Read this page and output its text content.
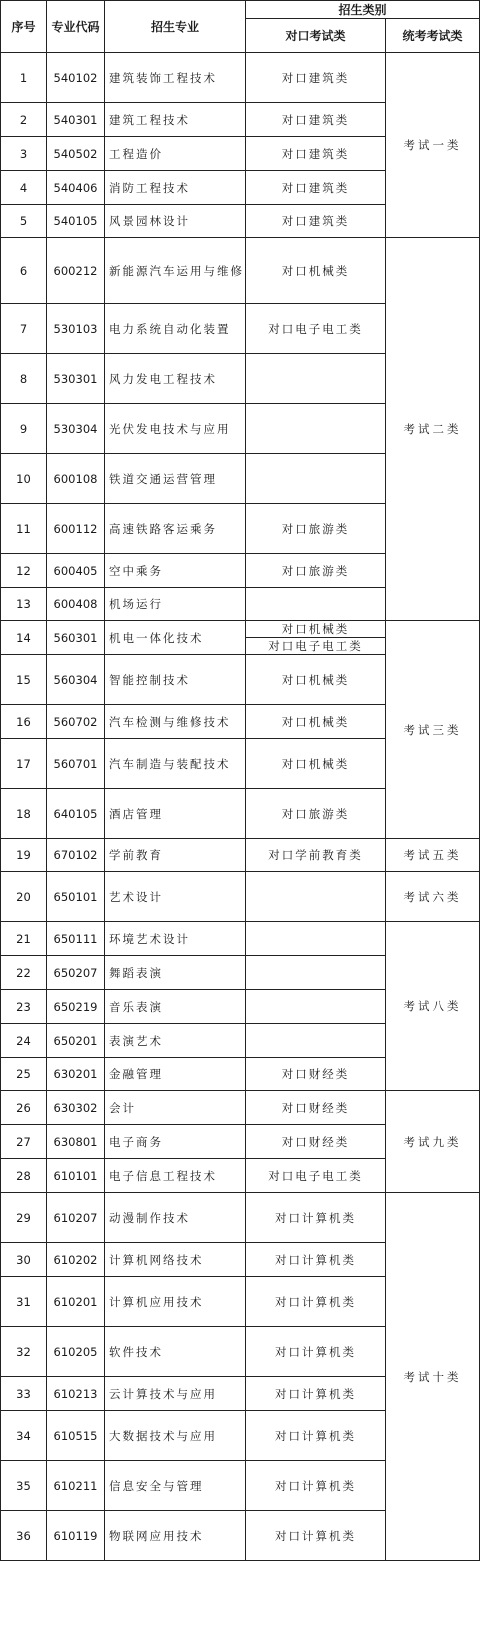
序号	专业代码	招生专业	招生类别	
			对口考试类	统考考试类
1	540102	建筑装饰工程技术	对口建筑类	考试一类
2	540301	建筑工程技术	对口建筑类	
3	540502	工程造价	对口建筑类	
4	540406	消防工程技术	对口建筑类	
5	540105	风景园林设计	对口建筑类	
6	600212	新能源汽车运用与维修	对口机械类	考试二类
7	530103	电力系统自动化装置	对口电子电工类	
8	530301	风力发电工程技术		
9	530304	光伏发电技术与应用		
10	600108	铁道交通运营管理		
11	600112	高速铁路客运乘务	对口旅游类	
12	600405	空中乘务	对口旅游类	
13	600408	机场运行		
14	560301	机电一体化技术	对口机械类	考试三类
			对口电子电工类	
15	560304	智能控制技术	对口机械类	
16	560702	汽车检测与维修技术	对口机械类	
17	560701	汽车制造与装配技术	对口机械类	
18	640105	酒店管理	对口旅游类	
19	670102	学前教育	对口学前教育类	考试五类
20	650101	艺术设计		考试六类
21	650111	环境艺术设计		考试八类
22	650207	舞蹈表演		
23	650219	音乐表演		
24	650201	表演艺术		
25	630201	金融管理	对口财经类	
26	630302	会计	对口财经类	考试九类
27	630801	电子商务	对口财经类	
28	610101	电子信息工程技术	对口电子电工类	
29	610207	动漫制作技术	对口计算机类	考试十类
30	610202	计算机网络技术	对口计算机类	
31	610201	计算机应用技术	对口计算机类	
32	610205	软件技术	对口计算机类	
33	610213	云计算技术与应用	对口计算机类	
34	610515	大数据技术与应用	对口计算机类	
35	610211	信息安全与管理	对口计算机类	
36	610119	物联网应用技术	对口计算机类	
